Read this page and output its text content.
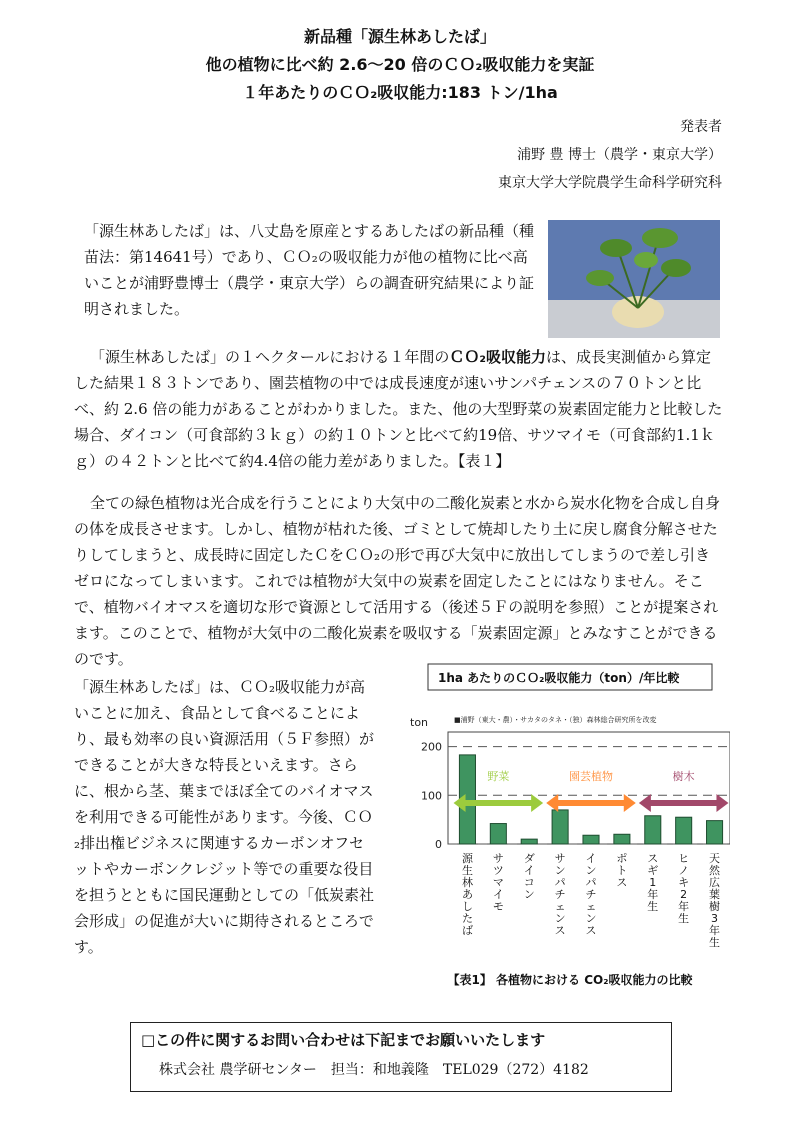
新品種「源生林あしたば」
他の植物に比べ約 2.6～20 倍のＣＯ₂吸収能力を実証
１年あたりのＣＯ₂吸収能力:183 トン/1ha
発表者
浦野 豊 博士（農学・東京大学）
東京大学大学院農学生命科学研究科

「源生林あしたば」は、八丈島を原産とするあしたばの新品種（種苗法：第14641号）であり、ＣＯ₂の吸収能力が他の植物に比べ高いことが浦野豊博士（農学・東京大学）らの調査研究結果により証明されました。

「源生林あしたば」の１ヘクタールにおける１年間のＣＯ₂吸収能力は、成長実測値から算定した結果１８３トンであり、園芸植物の中では成長速度が速いサンパチェンスの７０トンと比べ、約 2.6 倍の能力があることがわかりました。また、他の大型野菜の炭素固定能力と比較した場合、ダイコン（可食部約３ｋｇ）の約１０トンと比べて約19倍、サツマイモ（可食部約1.1ｋｇ）の４２トンと比べて約4.4倍の能力差がありました。【表１】

全ての緑色植物は光合成を行うことにより大気中の二酸化炭素と水から炭水化物を合成し自身の体を成長させます。しかし、植物が枯れた後、ゴミとして焼却したり土に戻し腐食分解させたりしてしまうと、成長時に固定したＣをＣＯ₂の形で再び大気中に放出してしまうので差し引きゼロになってしまいます。これでは植物が大気中の炭素を固定したことにはなりません。そこで、植物バイオマスを適切な形で資源として活用する（後述５Ｆの説明を参照）ことが提案されます。このことで、植物が大気中の二酸化炭素を吸収する「炭素固定源」とみなすことができるのです。

「源生林あしたば」は、ＣＯ₂吸収能力が高いことに加え、食品として食べることにより、最も効率の良い資源活用（５Ｆ参照）ができることが大きな特長といえます。さらに、根から茎、葉までほぼ全てのバイオマスを利用できる可能性があります。今後、ＣＯ₂排出権ビジネスに関連するカーボンオフセットやカーボンクレジット等での重要な役目を担うとともに国民運動としての「低炭素社会形成」の促進が大いに期待されるところです。

1ha あたりのＣＯ₂吸収能力（ton）/年比較
■浦野（東大・農）・サカタのタネ・（独）森林総合研究所を改変
ton
0
100
200
野菜	園芸植物	樹木
源生林あしたば
サツマイモ
ダイコン
サンパチェンス
インパチェンス
ポトス
スギ 1 年生
ヒノキ 2 年生
天然広葉樹 3 年生
【表1】 各植物における CO₂吸収能力の比較
□この件に関するお問い合わせは下記までお願いいたします
株式会社 農学研センター　担当：和地義隆　TEL029（272）4182
